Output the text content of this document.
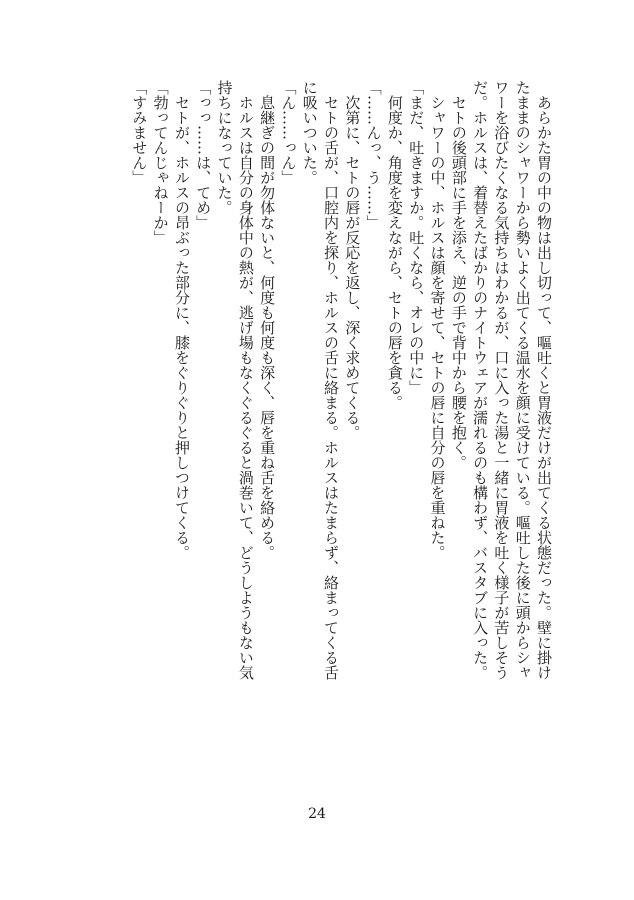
　あらかた胃の中の物は出し切って、嘔吐くと胃液だけが出てくる状態だった。壁に掛け

たままのシャワーから勢いよく出てくる温水を顔に受けている。嘔吐した後に頭からシャ

ワーを浴びたくなる気持ちはわかるが、口に入った湯と一緒に胃液を吐く様子が苦しそう

だ。ホルスは、着替えたばかりのナイトウェアが濡れるのも構わず、バスタブに入った。

　セトの後頭部に手を添え、逆の手で背中から腰を抱く。

　シャワーの中、ホルスは顔を寄せて、セトの唇に自分の唇を重ねた。

「まだ、吐きますか。吐くなら、オレの中に」

　何度か、角度を変えながら、セトの唇を貪る。

「……んっ、う……」

　次第に、セトの唇が反応を返し、深く求めてくる。

　セトの舌が、口腔内を探り、ホルスの舌に絡まる。ホルスはたまらず、絡まってくる舌

に吸いついた。

「ん……っん」

　息継ぎの間が勿体ないと、何度も何度も深く、唇を重ね舌を絡める。

　ホルスは自分の身体中の熱が、逃げ場もなくぐるぐると渦巻いて、どうしようもない気

持ちになっていた。

「っっ……は、てめ」

　セトが、ホルスの昂ぶった部分に、膝をぐりぐりと押しつけてくる。

「勃ってんじゃねーか」

「すみません」

24
